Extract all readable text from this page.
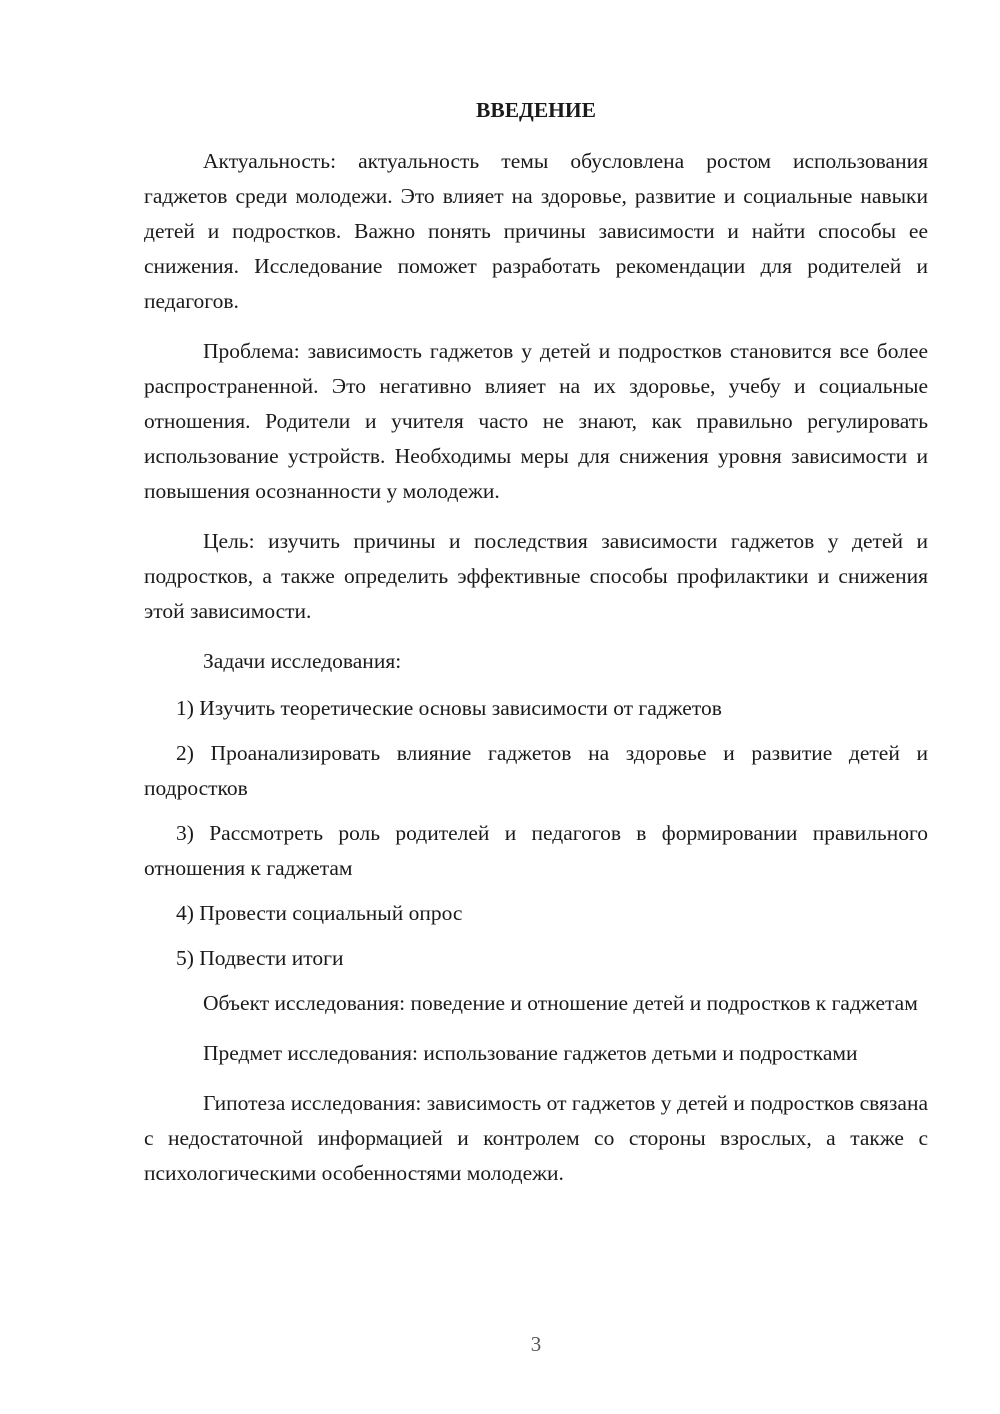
ВВЕДЕНИЕ

Актуальность: актуальность темы обусловлена ростом использования гаджетов среди молодежи. Это влияет на здоровье, развитие и социальные навыки детей и подростков. Важно понять причины зависимости и найти способы ее снижения. Исследование поможет разработать рекомендации для родителей и педагогов.

Проблема: зависимость гаджетов у детей и подростков становится все более распространенной. Это негативно влияет на их здоровье, учебу и социальные отношения. Родители и учителя часто не знают, как правильно регулировать использование устройств. Необходимы меры для снижения уровня зависимости и повышения осознанности у молодежи.

Цель: изучить причины и последствия зависимости гаджетов у детей и подростков, а также определить эффективные способы профилактики и снижения этой зависимости.

Задачи исследования:

1) Изучить теоретические основы зависимости от гаджетов

2) Проанализировать влияние гаджетов на здоровье и развитие детей и подростков

3) Рассмотреть роль родителей и педагогов в формировании правильного отношения к гаджетам

4) Провести социальный опрос

5) Подвести итоги

Объект исследования: поведение и отношение детей и подростков к гаджетам

Предмет исследования: использование гаджетов детьми и подростками

Гипотеза исследования: зависимость от гаджетов у детей и подростков связана с недостаточной информацией и контролем со стороны взрослых, а также с психологическими особенностями молодежи.

3
